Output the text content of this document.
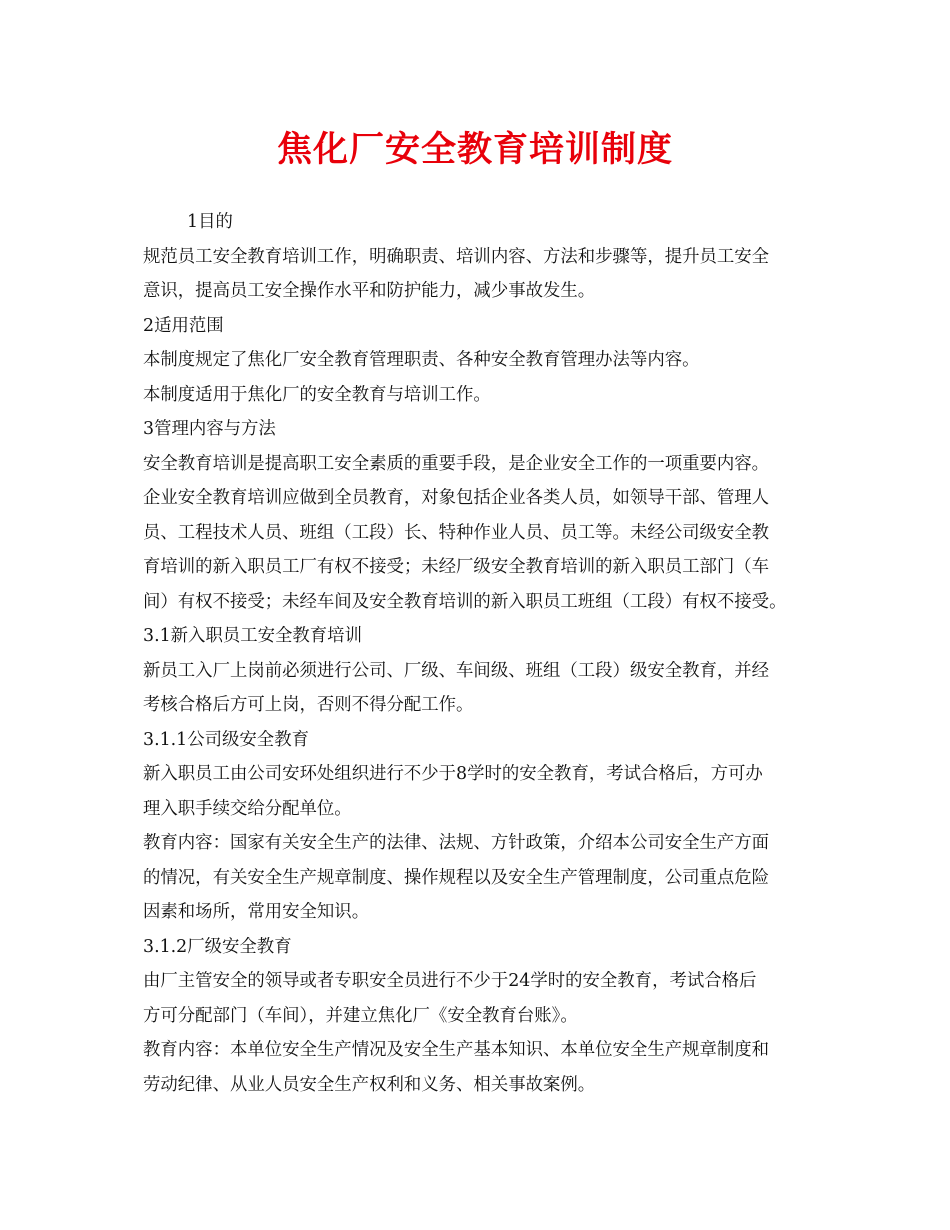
焦化厂安全教育培训制度

1目的

规范员工安全教育培训工作，明确职责、培训内容、方法和步骤等，提升员工安全

意识，提高员工安全操作水平和防护能力，减少事故发生。

2适用范围

本制度规定了焦化厂安全教育管理职责、各种安全教育管理办法等内容。

本制度适用于焦化厂的安全教育与培训工作。

3管理内容与方法

安全教育培训是提高职工安全素质的重要手段，是企业安全工作的一项重要内容。

企业安全教育培训应做到全员教育，对象包括企业各类人员，如领导干部、管理人

员、工程技术人员、班组（工段）长、特种作业人员、员工等。未经公司级安全教

育培训的新入职员工厂有权不接受；未经厂级安全教育培训的新入职员工部门（车

间）有权不接受；未经车间及安全教育培训的新入职员工班组（工段）有权不接受。

3.1新入职员工安全教育培训

新员工入厂上岗前必须进行公司、厂级、车间级、班组（工段）级安全教育，并经

考核合格后方可上岗，否则不得分配工作。

3.1.1公司级安全教育

新入职员工由公司安环处组织进行不少于8学时的安全教育，考试合格后，方可办

理入职手续交给分配单位。

教育内容：国家有关安全生产的法律、法规、方针政策，介绍本公司安全生产方面

的情况，有关安全生产规章制度、操作规程以及安全生产管理制度，公司重点危险

因素和场所，常用安全知识。

3.1.2厂级安全教育

由厂主管安全的领导或者专职安全员进行不少于24学时的安全教育，考试合格后

方可分配部门（车间），并建立焦化厂《安全教育台账》。

教育内容：本单位安全生产情况及安全生产基本知识、本单位安全生产规章制度和

劳动纪律、从业人员安全生产权利和义务、相关事故案例。
